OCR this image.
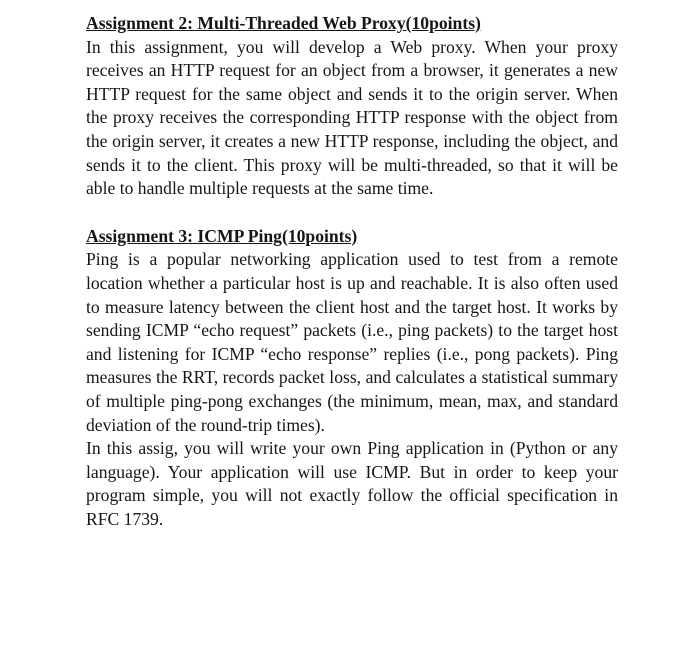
Assignment 2: Multi-Threaded Web Proxy(10points)

In this assignment, you will develop a Web proxy. When your proxy receives an HTTP request for an object from a browser, it generates a new HTTP request for the same object and sends it to the origin server. When the proxy receives the corresponding HTTP response with the object from the origin server, it creates a new HTTP response, including the object, and sends it to the client. This proxy will be multi-threaded, so that it will be able to handle multiple requests at the same time.

Assignment 3: ICMP Ping(10points)

Ping is a popular networking application used to test from a remote location whether a particular host is up and reachable. It is also often used to measure latency between the client host and the target host. It works by sending ICMP “echo request” packets (i.e., ping packets) to the target host and listening for ICMP “echo response” replies (i.e., pong packets). Ping measures the RRT, records packet loss, and calculates a statistical summary of multiple ping-pong exchanges (the minimum, mean, max, and standard deviation of the round-trip times).

In this assig, you will write your own Ping application in (Python or any language). Your application will use ICMP. But in order to keep your program simple, you will not exactly follow the official specification in RFC 1739.
